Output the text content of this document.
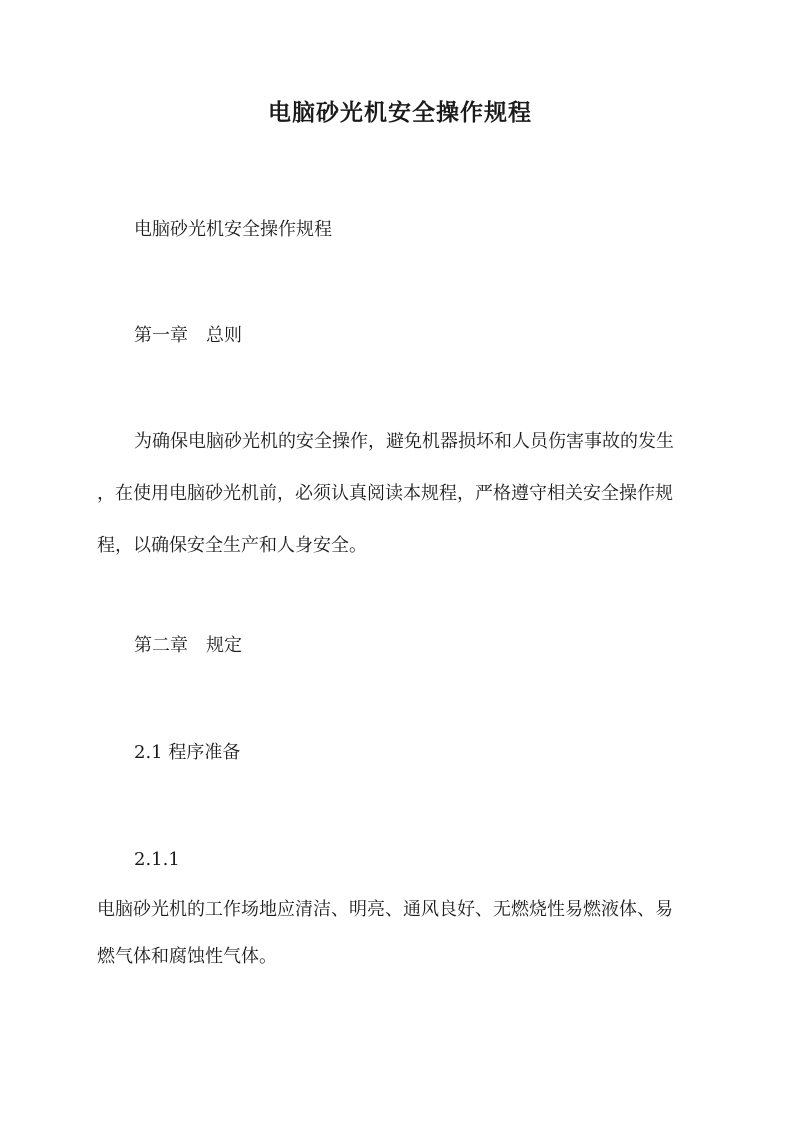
电脑砂光机安全操作规程

电脑砂光机安全操作规程

第一章 总则

为确保电脑砂光机的安全操作，避免机器损坏和人员伤害事故的发生

，在使用电脑砂光机前，必须认真阅读本规程，严格遵守相关安全操作规

程，以确保安全生产和人身安全。

第二章 规定

2.1 程序准备

2.1.1

电脑砂光机的工作场地应清洁、明亮、通风良好、无燃烧性易燃液体、易

燃气体和腐蚀性气体。
